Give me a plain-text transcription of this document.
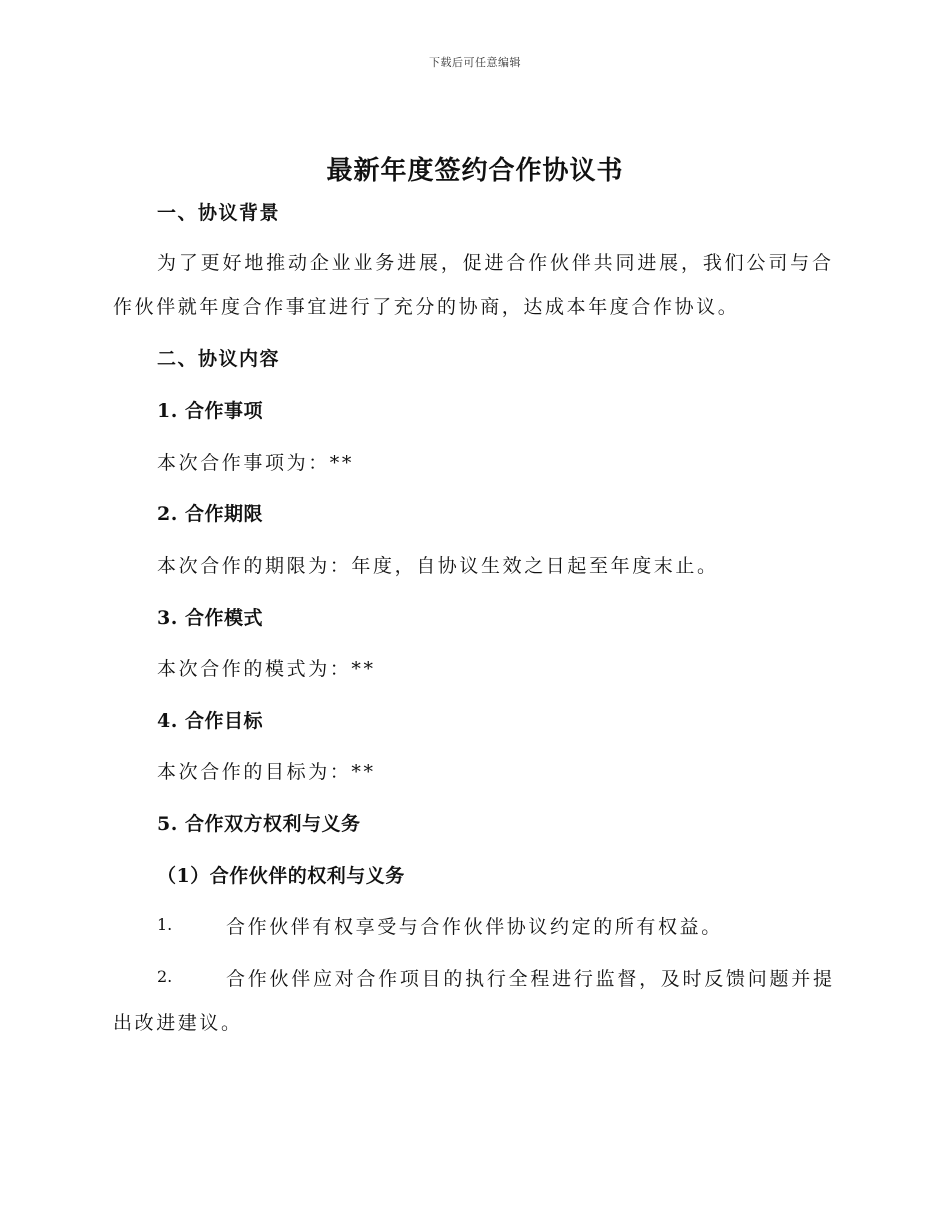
下载后可任意编辑
最新年度签约合作协议书
一、协议背景
为了更好地推动企业业务进展，促进合作伙伴共同进展，我们公司与合
作伙伴就年度合作事宜进行了充分的协商，达成本年度合作协议。
二、协议内容
1. 合作事项
本次合作事项为：**
2. 合作期限
本次合作的期限为：年度，自协议生效之日起至年度末止。
3. 合作模式
本次合作的模式为：**
4. 合作目标
本次合作的目标为：**
5. 合作双方权利与义务
（1）合作伙伴的权利与义务
1.	合作伙伴有权享受与合作伙伴协议约定的所有权益。
2.	合作伙伴应对合作项目的执行全程进行监督，及时反馈问题并提
出改进建议。
